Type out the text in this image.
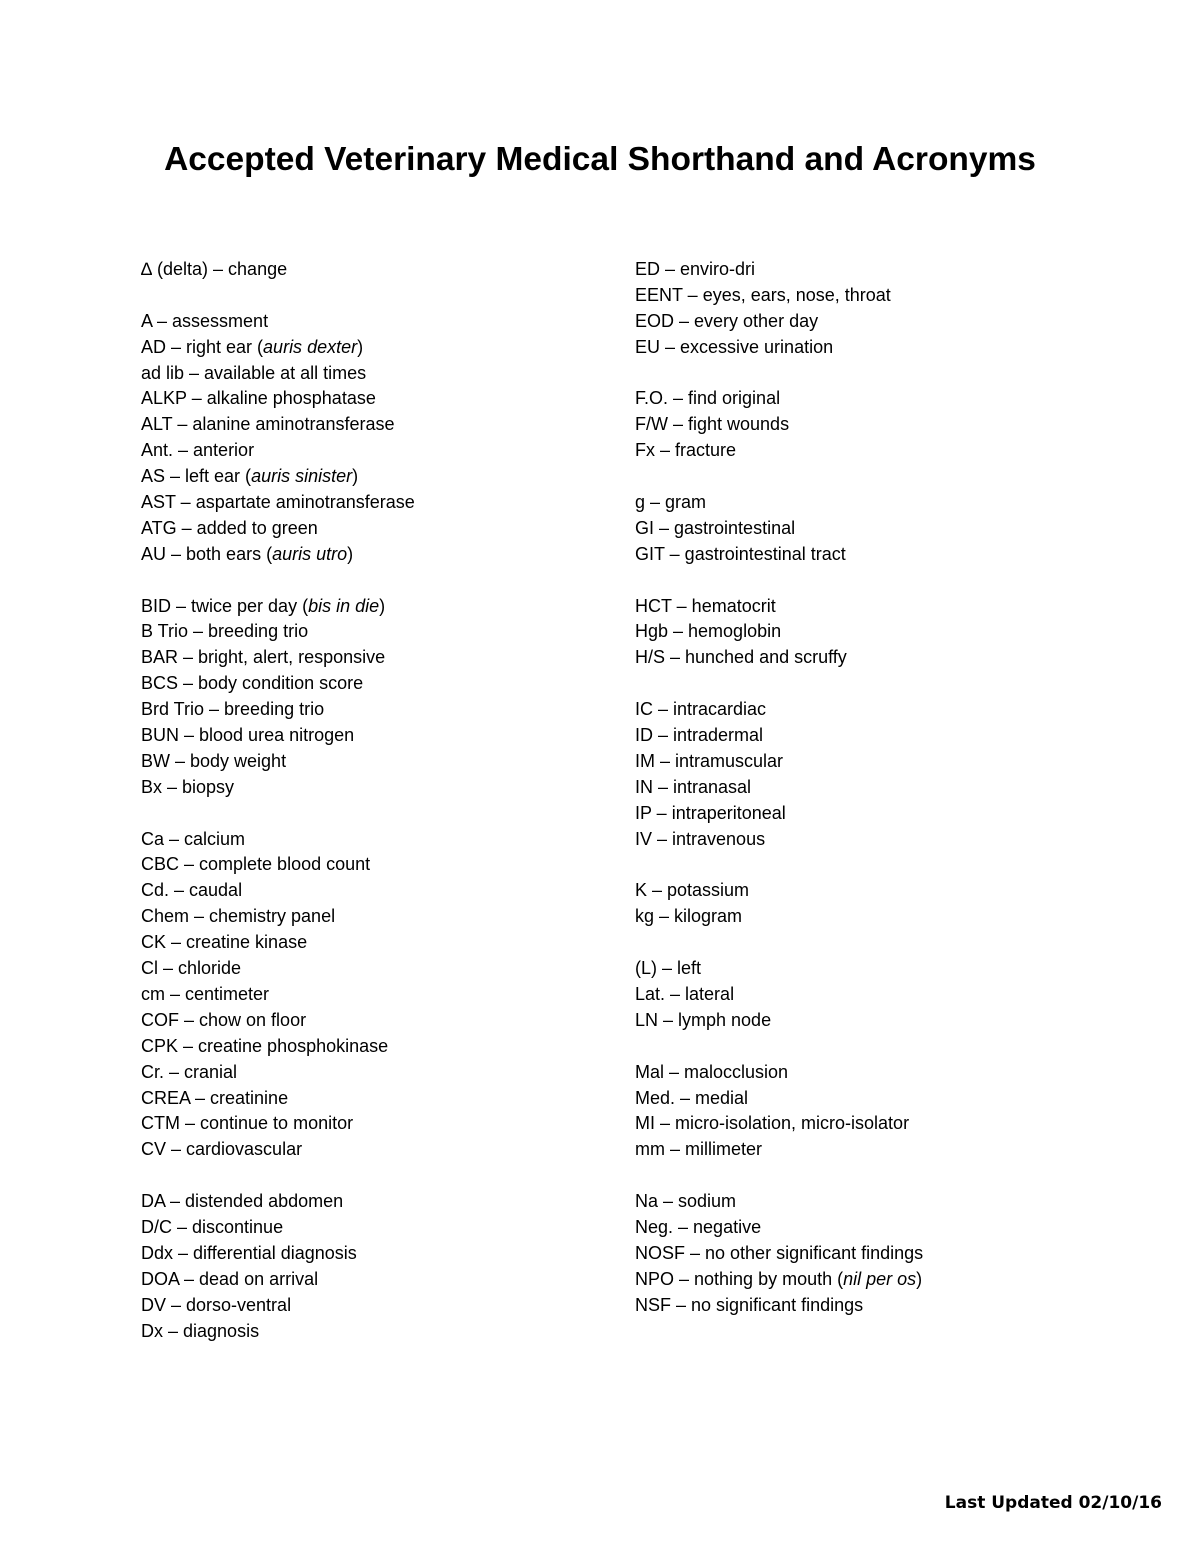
Accepted Veterinary Medical Shorthand and Acronyms
∆ (delta) – change
A – assessment
AD – right ear (auris dexter)
ad lib – available at all times
ALKP – alkaline phosphatase
ALT – alanine aminotransferase
Ant. – anterior
AS – left ear (auris sinister)
AST – aspartate aminotransferase
ATG – added to green
AU – both ears (auris utro)
BID – twice per day (bis in die)
B Trio – breeding trio
BAR – bright, alert, responsive
BCS – body condition score
Brd Trio – breeding trio
BUN – blood urea nitrogen
BW – body weight
Bx – biopsy
Ca – calcium
CBC – complete blood count
Cd. – caudal
Chem – chemistry panel
CK – creatine kinase
Cl – chloride
cm – centimeter
COF – chow on floor
CPK – creatine phosphokinase
Cr. – cranial
CREA – creatinine
CTM – continue to monitor
CV – cardiovascular
DA – distended abdomen
D/C – discontinue
Ddx – differential diagnosis
DOA – dead on arrival
DV – dorso-ventral
Dx – diagnosis
ED – enviro-dri
EENT – eyes, ears, nose, throat
EOD – every other day
EU – excessive urination
F.O. – find original
F/W – fight wounds
Fx – fracture
g – gram
GI – gastrointestinal
GIT – gastrointestinal tract
HCT – hematocrit
Hgb – hemoglobin
H/S – hunched and scruffy
IC – intracardiac
ID – intradermal
IM – intramuscular
IN – intranasal
IP – intraperitoneal
IV – intravenous
K – potassium
kg – kilogram
(L) – left
Lat. – lateral
LN – lymph node
Mal – malocclusion
Med. – medial
MI – micro-isolation, micro-isolator
mm – millimeter
Na – sodium
Neg. – negative
NOSF – no other significant findings
NPO – nothing by mouth (nil per os)
NSF – no significant findings
Last Updated 02/10/16
